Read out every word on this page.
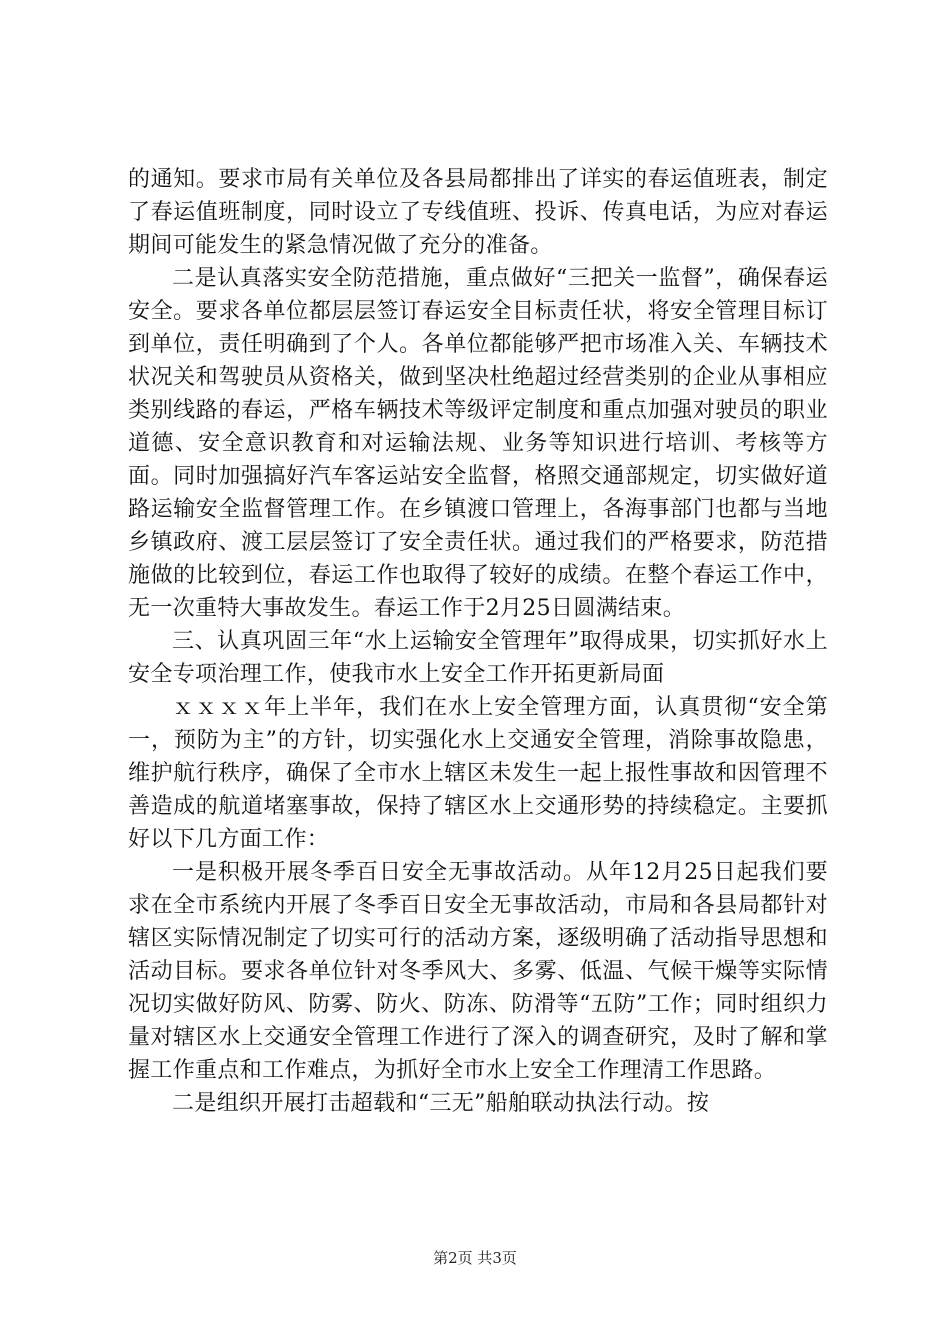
的通知。要求市局有关单位及各县局都排出了详实的春运值班表，制定了春运值班制度，同时设立了专线值班、投诉、传真电话，为应对春运期间可能发生的紧急情况做了充分的准备。

二是认真落实安全防范措施，重点做好“三把关一监督”，确保春运安全。要求各单位都层层签订春运安全目标责任状，将安全管理目标订到单位，责任明确到了个人。各单位都能够严把市场准入关、车辆技术状况关和驾驶员从资格关，做到坚决杜绝超过经营类别的企业从事相应类别线路的春运，严格车辆技术等级评定制度和重点加强对驶员的职业道德、安全意识教育和对运输法规、业务等知识进行培训、考核等方面。同时加强搞好汽车客运站安全监督，格照交通部规定，切实做好道路运输安全监督管理工作。在乡镇渡口管理上，各海事部门也都与当地乡镇政府、渡工层层签订了安全责任状。通过我们的严格要求，防范措施做的比较到位，春运工作也取得了较好的成绩。在整个春运工作中，无一次重特大事故发生。春运工作于2月25日圆满结束。

三、认真巩固三年“水上运输安全管理年”取得成果，切实抓好水上安全专项治理工作，使我市水上安全工作开拓更新局面

ｘｘｘｘ年上半年，我们在水上安全管理方面，认真贯彻“安全第一，预防为主”的方针，切实强化水上交通安全管理，消除事故隐患，维护航行秩序，确保了全市水上辖区未发生一起上报性事故和因管理不善造成的航道堵塞事故，保持了辖区水上交通形势的持续稳定。主要抓好以下几方面工作：

一是积极开展冬季百日安全无事故活动。从年12月25日起我们要求在全市系统内开展了冬季百日安全无事故活动，市局和各县局都针对辖区实际情况制定了切实可行的活动方案，逐级明确了活动指导思想和活动目标。要求各单位针对冬季风大、多雾、低温、气候干燥等实际情况切实做好防风、防雾、防火、防冻、防滑等“五防”工作；同时组织力量对辖区水上交通安全管理工作进行了深入的调查研究，及时了解和掌握工作重点和工作难点，为抓好全市水上安全工作理清工作思路。

二是组织开展打击超载和“三无”船舶联动执法行动。按

第2页 共3页
